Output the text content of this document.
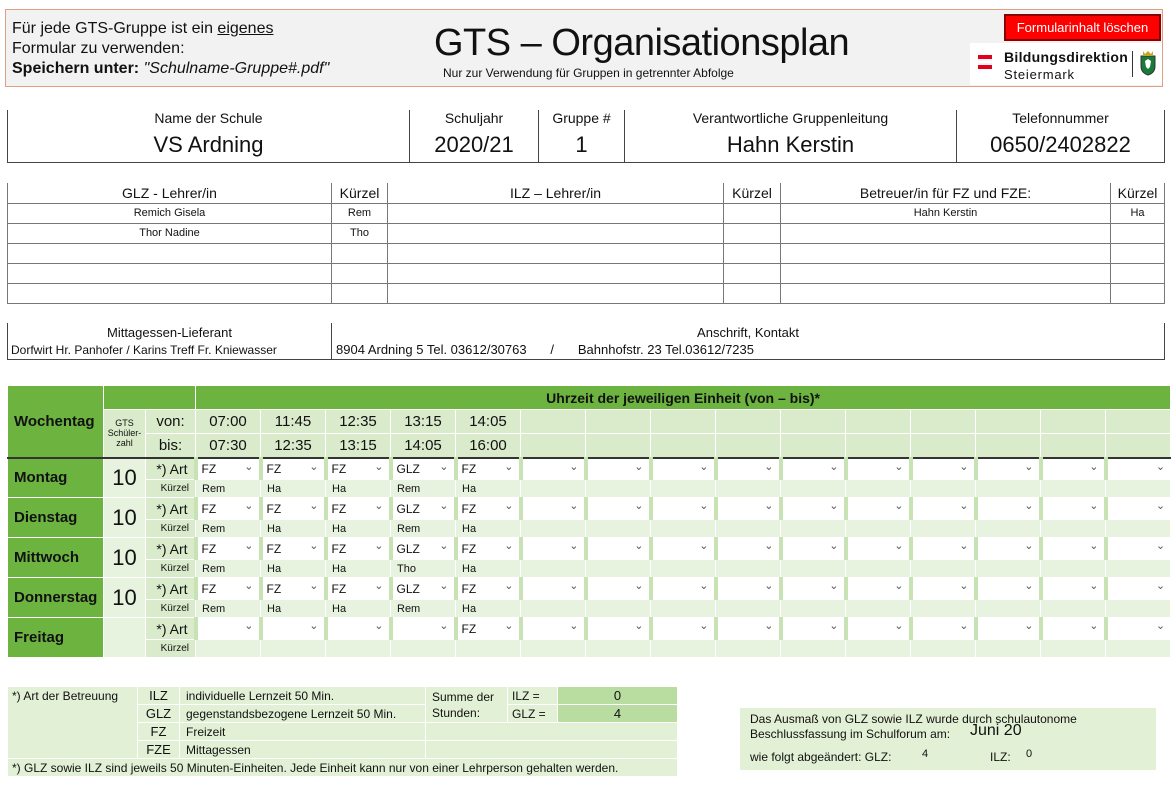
Für jede GTS-Gruppe ist ein eigenes
Formular zu verwenden:
Speichern unter: "Schulname-Gruppe#.pdf"
GTS – Organisationsplan
Nur zur Verwendung für Gruppen in getrennter Abfolge
Formularinhalt löschen
Bildungsdirektion
Steiermark
Name der Schule	Schuljahr	Gruppe #	Verantwortliche Gruppenleitung	Telefonnummer
VS Ardning	2020/21	1	Hahn Kerstin	0650/2402822
GLZ - Lehrer/in	Kürzel	ILZ – Lehrer/in	Kürzel	Betreuer/in für FZ und FZE:	Kürzel
Remich Gisela	Rem			Hahn Kerstin	Ha
Thor Nadine	Tho				

Mittagessen-Lieferant	Anschrift, Kontakt
Dorfwirt Hr. Panhofer / Karins Treff Fr. Kniewasser	8904 Ardning 5 Tel. 03612/30763 / Bahnhofstr. 23 Tel.03612/7235
Wochentag			Uhrzeit der jeweiligen Einheit (von – bis)*														
	GTS Schüler-zahl	von:	07:00	11:45	12:35	13:15	14:05										
		bis:	07:30	12:35	13:15	14:05	16:00										
Montag	10	*) Art	FZ ⌄	FZ ⌄	FZ ⌄	GLZ ⌄	FZ ⌄	⌄	⌄	⌄	⌄	⌄	⌄	⌄	⌄	⌄	⌄

		Kürzel	Rem	Ha	Ha	Rem	Ha										
Dienstag	10	*) Art	FZ ⌄	FZ ⌄	FZ ⌄	GLZ ⌄	FZ ⌄	⌄	⌄	⌄	⌄	⌄	⌄	⌄	⌄	⌄	⌄

		Kürzel	Rem	Ha	Ha	Rem	Ha										
Mittwoch	10	*) Art	FZ ⌄	FZ ⌄	FZ ⌄	GLZ ⌄	FZ ⌄	⌄	⌄	⌄	⌄	⌄	⌄	⌄	⌄	⌄	⌄

		Kürzel	Rem	Ha	Ha	Tho	Ha										
Donnerstag	10	*) Art	FZ ⌄	FZ ⌄	FZ ⌄	GLZ ⌄	FZ ⌄	⌄	⌄	⌄	⌄	⌄	⌄	⌄	⌄	⌄	⌄

		Kürzel	Rem	Ha	Ha	Rem	Ha										
Freitag		*) Art	⌄	⌄	⌄	⌄	FZ ⌄	⌄	⌄	⌄	⌄	⌄	⌄	⌄	⌄	⌄	⌄

		Kürzel															
*) Art der Betreuung	ILZ	individuelle Lernzeit 50 Min.	Summe der Stunden:	ILZ =	0
	GLZ	gegenstandsbezogene Lernzeit 50 Min.		GLZ =	4
	FZ	Freizeit			
	FZE	Mittagessen			
*) GLZ sowie ILZ sind jeweils 50 Minuten-Einheiten. Jede Einheit kann nur von einer Lehrperson gehalten werden.					
Das Ausmaß von GLZ sowie ILZ wurde durch schulautonome
Beschlussfassung im Schulforum am: Juni 20
wie folgt abgeändert: GLZ:	4	ILZ: 0
